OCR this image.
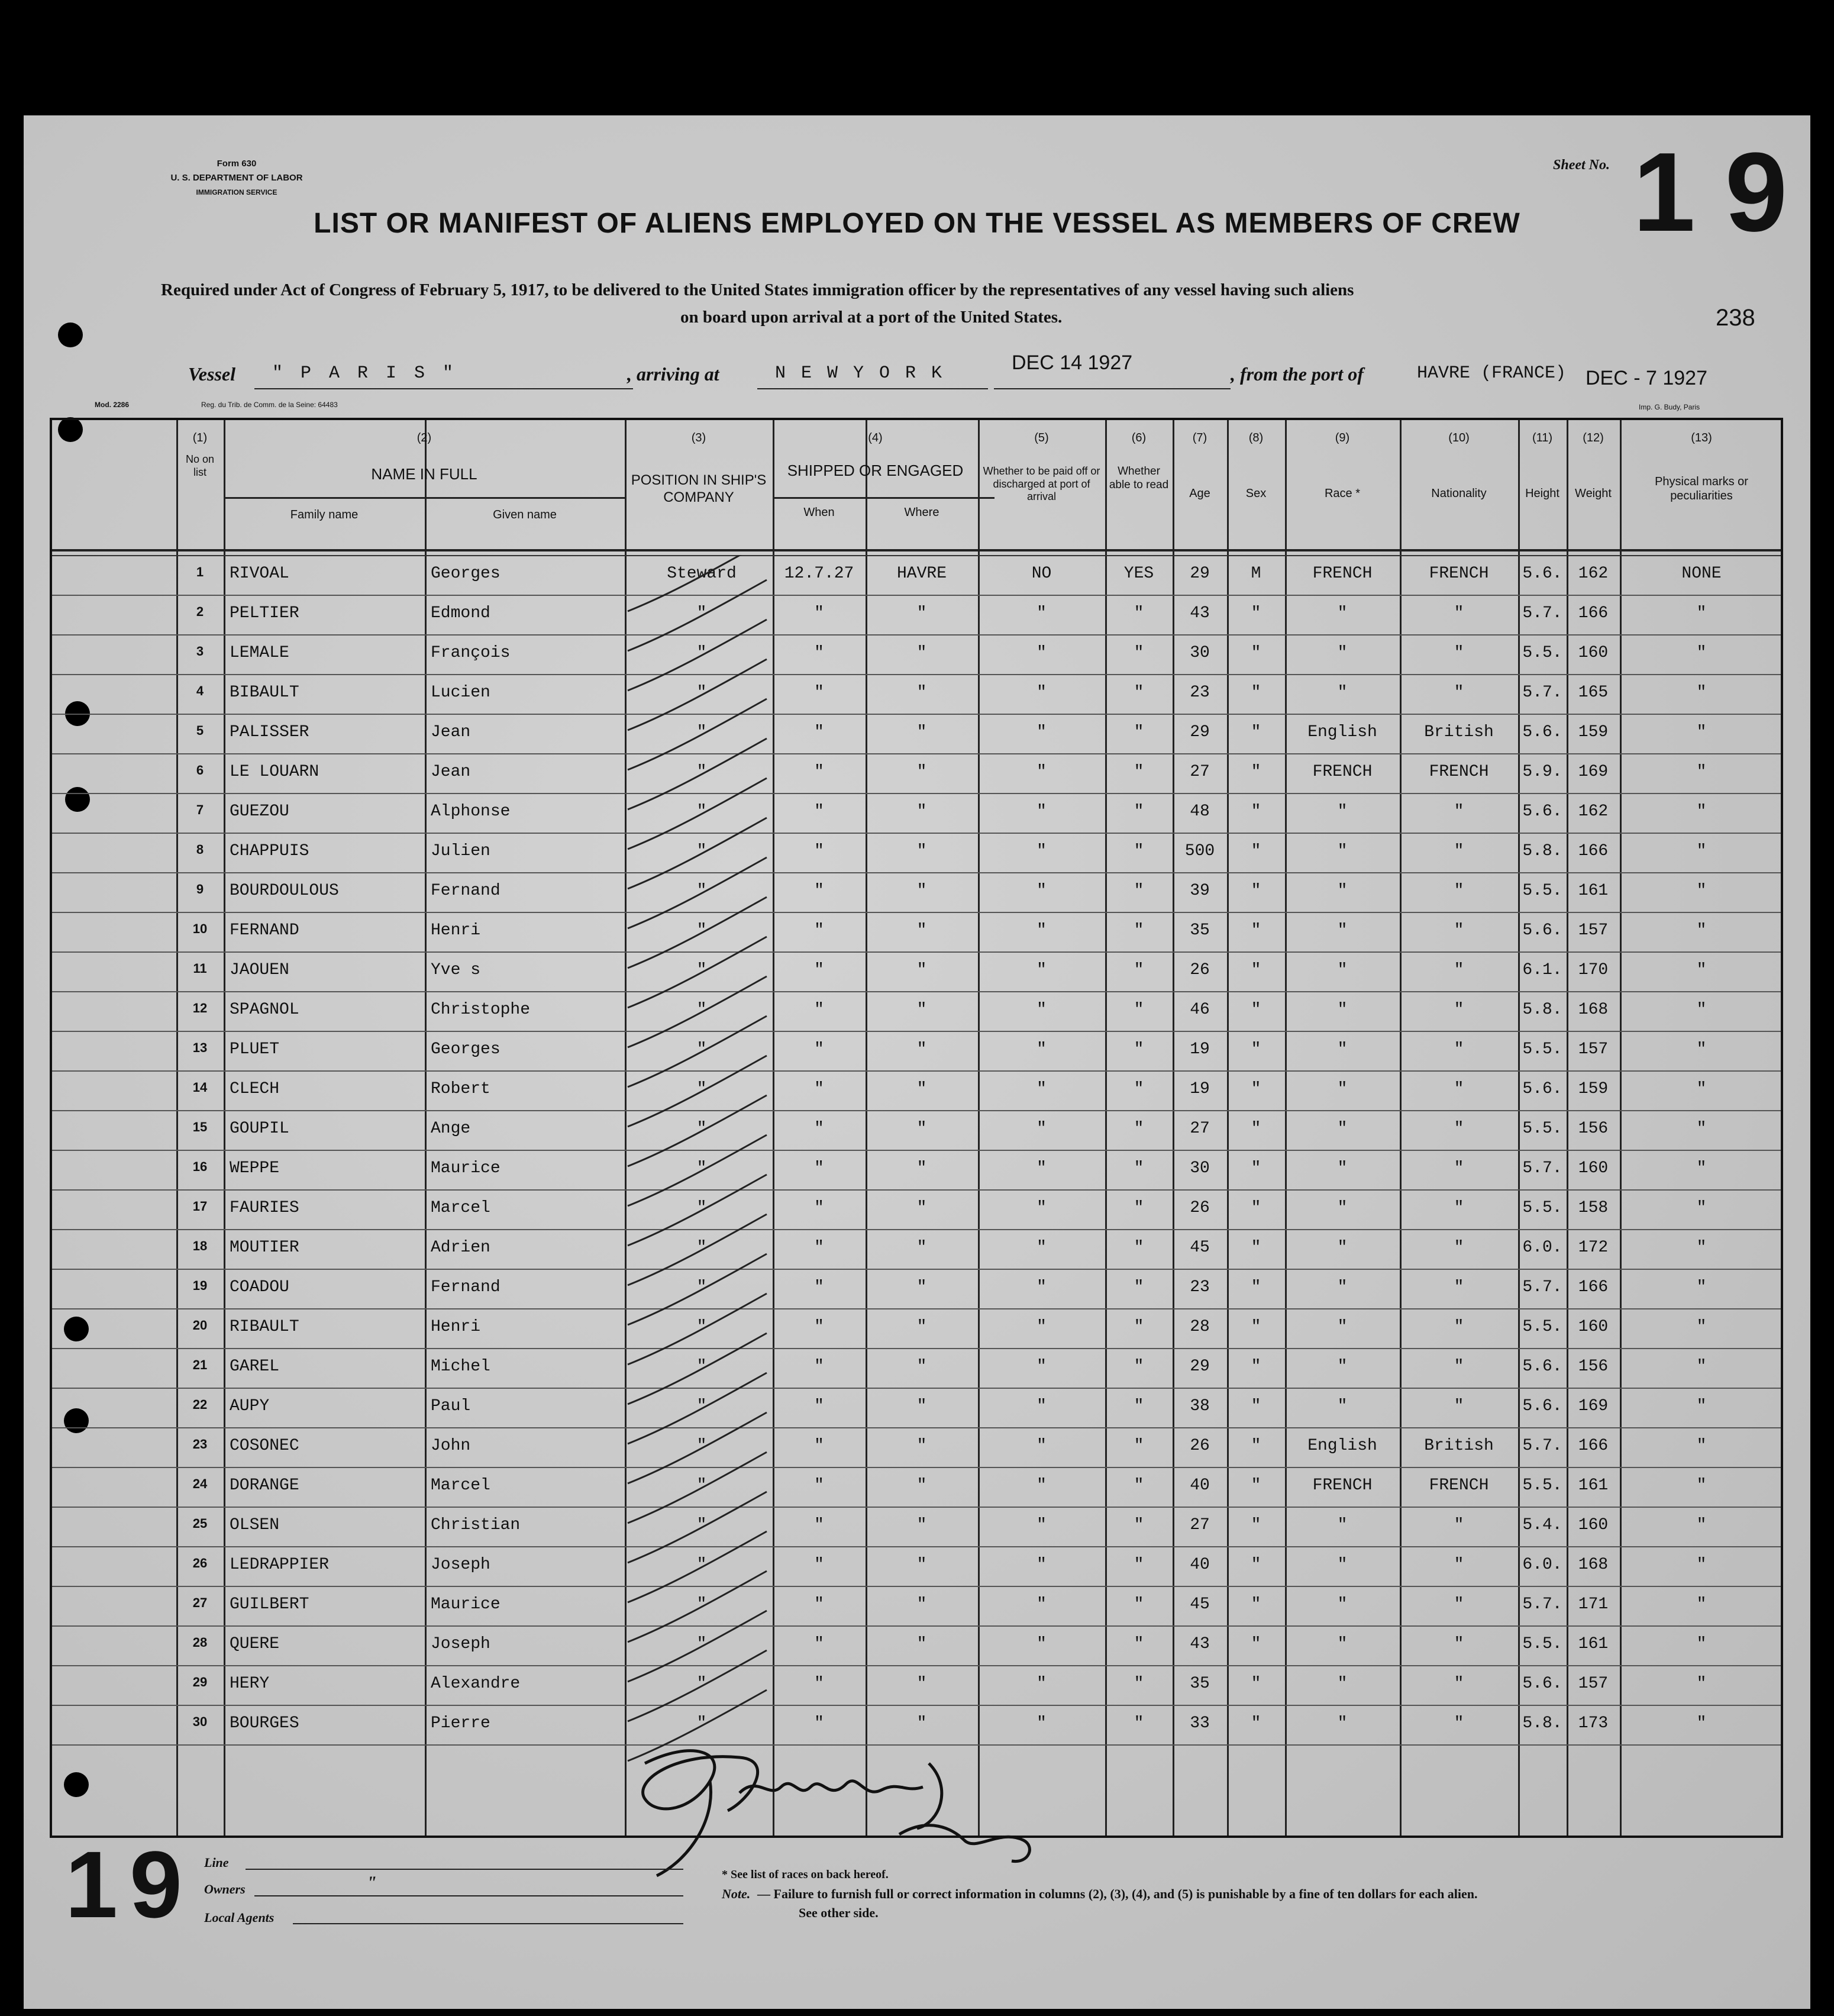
Form 630
U. S. DEPARTMENT OF LABOR
IMMIGRATION SERVICE
Sheet No. 19
LIST OR MANIFEST OF ALIENS EMPLOYED ON THE VESSEL AS MEMBERS OF CREW
Required under Act of Congress of February 5, 1917, to be delivered to the United States immigration officer by the representatives of any vessel having such aliens
on board upon arrival at a port of the United States.	238
Vessel " P A R I S "	, arriving at	N E W Y O R K	DEC 14 1927	, from the port of	HAVRE (FRANCE) DEC - 7 1927
Mod. 2286	Reg. du Trib. de Comm. de la Seine: 64483	Imp. G. Budy, Paris
(1)
No on list
(2)
NAME IN FULL
Family name	Given name
(3)
POSITION IN SHIP'S COMPANY
(4)
SHIPPED OR ENGAGED
When	Where
(5)
Whether to be paid off or discharged at port of arrival
(6)
Whether able to read
(7)
Age
(8)
Sex
(9)
Race *
(10)
Nationality
(11)
Height
(12)
Weight
(13)
Physical marks or peculiarities
1	RIVOAL	Georges	Steward	12.7.27	HAVRE	NO	YES	29	M	FRENCH	FRENCH	5.6. 162	NONE
2	PELTIER	Edmond	"	"	"	"	"	43	"	"	"	5.7. 166	"
3	LEMALE	François	"	"	"	"	"	30	"	"	"	5.5. 160	"
4	BIBAULT	Lucien	"	"	"	"	"	23	"	"	"	5.7. 165	"
5	PALISSER	Jean	"	"	"	"	"	29	"	English	British	5.6. 159	"
6	LE LOUARN	Jean	"	"	"	"	"	27	"	FRENCH	FRENCH	5.9. 169	"
7	GUEZOU	Alphonse	"	"	"	"	"	48	"	"	"	5.6. 162	"
8	CHAPPUIS	Julien	"	"	"	"	"	500	"	"	"	5.8. 166	"
9	BOURDOULOUS	Fernand	"	"	"	"	"	39	"	"	"	5.5. 161	"
10	FERNAND	Henri	"	"	"	"	"	35	"	"	"	5.6. 157	"
11	JAOUEN	Yve s	"	"	"	"	"	26	"	"	"	6.1. 170	"
12	SPAGNOL	Christophe	"	"	"	"	"	46	"	"	"	5.8. 168	"
13	PLUET	Georges	"	"	"	"	"	19	"	"	"	5.5. 157	"
14	CLECH	Robert	"	"	"	"	"	19	"	"	"	5.6. 159	"
15	GOUPIL	Ange	"	"	"	"	"	27	"	"	"	5.5. 156	"
16	WEPPE	Maurice	"	"	"	"	"	30	"	"	"	5.7. 160	"
17	FAURIES	Marcel	"	"	"	"	"	26	"	"	"	5.5. 158	"
18	MOUTIER	Adrien	"	"	"	"	"	45	"	"	"	6.0. 172	"
19	COADOU	Fernand	"	"	"	"	"	23	"	"	"	5.7. 166	"
20	RIBAULT	Henri	"	"	"	"	"	28	"	"	"	5.5. 160	"
21	GAREL	Michel	"	"	"	"	"	29	"	"	"	5.6. 156	"
22	AUPY	Paul	"	"	"	"	"	38	"	"	"	5.6. 169	"
23	COSONEC	John	"	"	"	"	"	26	"	English	British	5.7. 166	"
24	DORANGE	Marcel	"	"	"	"	"	40	"	FRENCH	FRENCH	5.5. 161	"
25	OLSEN	Christian	"	"	"	"	"	27	"	"	"	5.4. 160	"
26	LEDRAPPIER	Joseph	"	"	"	"	"	40	"	"	"	6.0. 168	"
27	GUILBERT	Maurice	"	"	"	"	"	45	"	"	"	5.7. 171	"
28	QUERE	Joseph	"	"	"	"	"	43	"	"	"	5.5. 161	"
29	HERY	Alexandre	"	"	"	"	"	35	"	"	"	5.6. 157	"
30	BOURGES	Pierre	"	"	"	"	"	33	"	"	"	5.8. 173	"
19 Line
Owners	"
Local Agents
* See list of races on back hereof.
Note. — Failure to furnish full or correct information in columns (2), (3), (4), and (5) is punishable by a fine of ten dollars for each alien.
See other side.
